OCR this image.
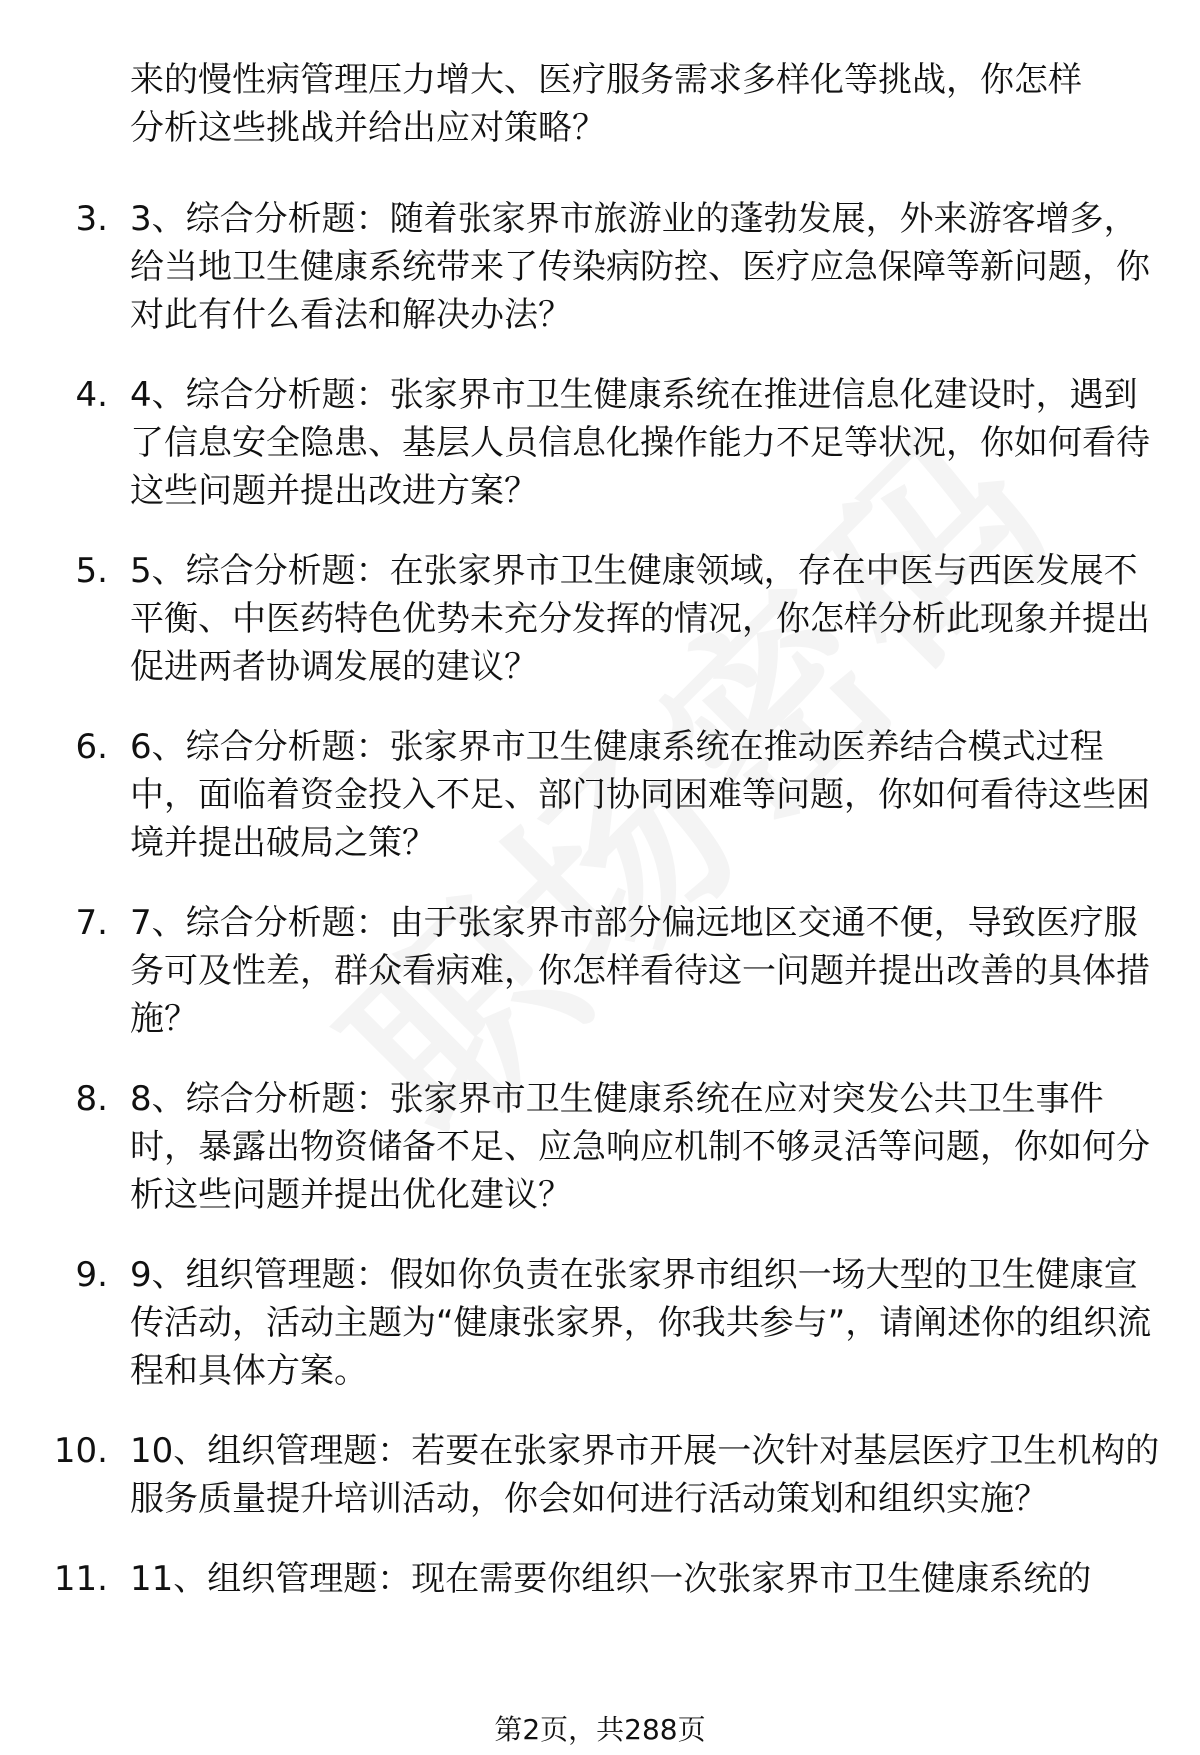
来的慢性病管理压力增大、医疗服务需求多样化等挑战，你怎样

分析这些挑战并给出应对策略？

3. 3、综合分析题：随着张家界市旅游业的蓬勃发展，外来游客增多，给当地卫生健康系统带来了传染病防控、医疗应急保障等新问题，你对此有什么看法和解决办法？
4. 4、综合分析题：张家界市卫生健康系统在推进信息化建设时，遇到了信息安全隐患、基层人员信息化操作能力不足等状况，你如何看待这些问题并提出改进方案？
5. 5、综合分析题：在张家界市卫生健康领域，存在中医与西医发展不平衡、中医药特色优势未充分发挥的情况，你怎样分析此现象并提出促进两者协调发展的建议？
6. 6、综合分析题：张家界市卫生健康系统在推动医养结合模式过程中，面临着资金投入不足、部门协同困难等问题，你如何看待这些困境并提出破局之策？
7. 7、综合分析题：由于张家界市部分偏远地区交通不便，导致医疗服务可及性差，群众看病难，你怎样看待这一问题并提出改善的具体措施？
8. 8、综合分析题：张家界市卫生健康系统在应对突发公共卫生事件时，暴露出物资储备不足、应急响应机制不够灵活等问题，你如何分析这些问题并提出优化建议？
9. 9、组织管理题：假如你负责在张家界市组织一场大型的卫生健康宣传活动，活动主题为“健康张家界，你我共参与”，请阐述你的组织流程和具体方案。
10. 10、组织管理题：若要在张家界市开展一次针对基层医疗卫生机构的服务质量提升培训活动，你会如何进行活动策划和组织实施？
11. 11、组织管理题：现在需要你组织一次张家界市卫生健康系统的
第2页，共288页
